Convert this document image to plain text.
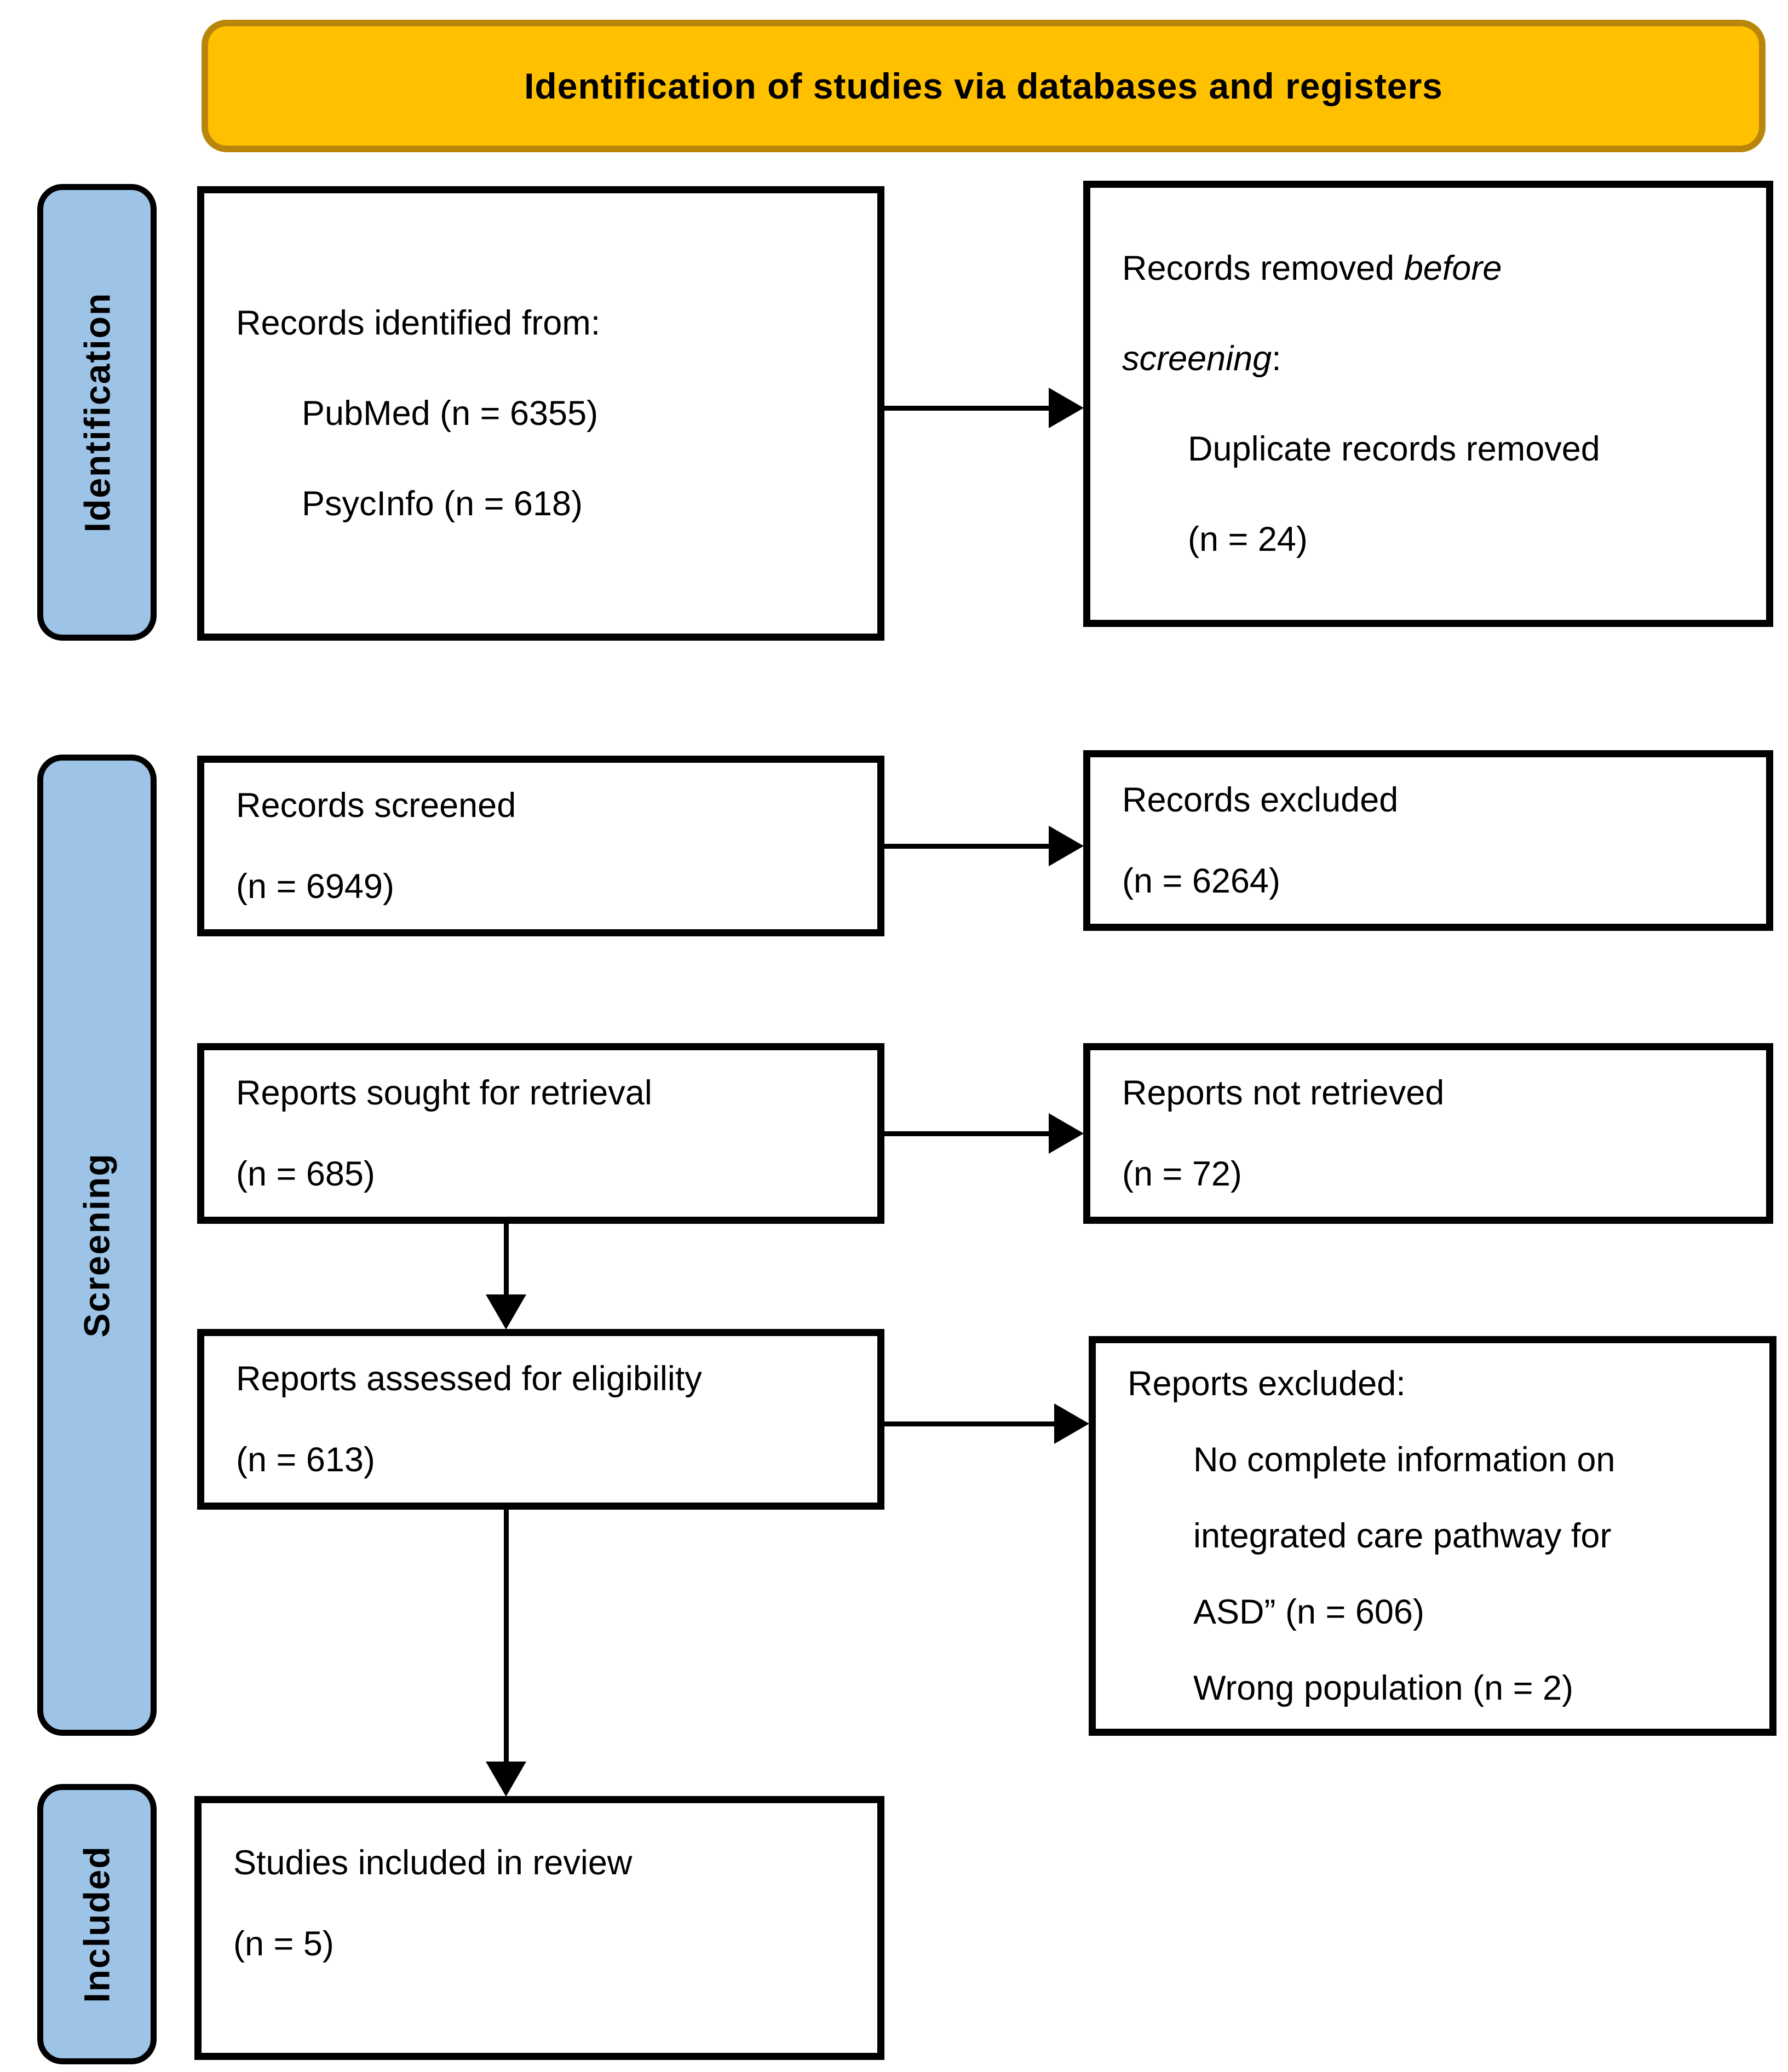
Identification of studies via databases and registers
Identification
Screening
Included
Records identified from:
PubMed (n = 6355)
PsycInfo (n = 618)
Records removed before
screening:
Duplicate records removed
(n = 24)
Records screened
(n = 6949)
Records excluded
(n = 6264)
Reports sought for retrieval
(n = 685)
Reports not retrieved
(n = 72)
Reports assessed for eligibility
(n = 613)
Reports excluded:
No complete information on
integrated care pathway for
ASD” (n = 606)
Wrong population (n = 2)
Studies included in review
(n = 5)
